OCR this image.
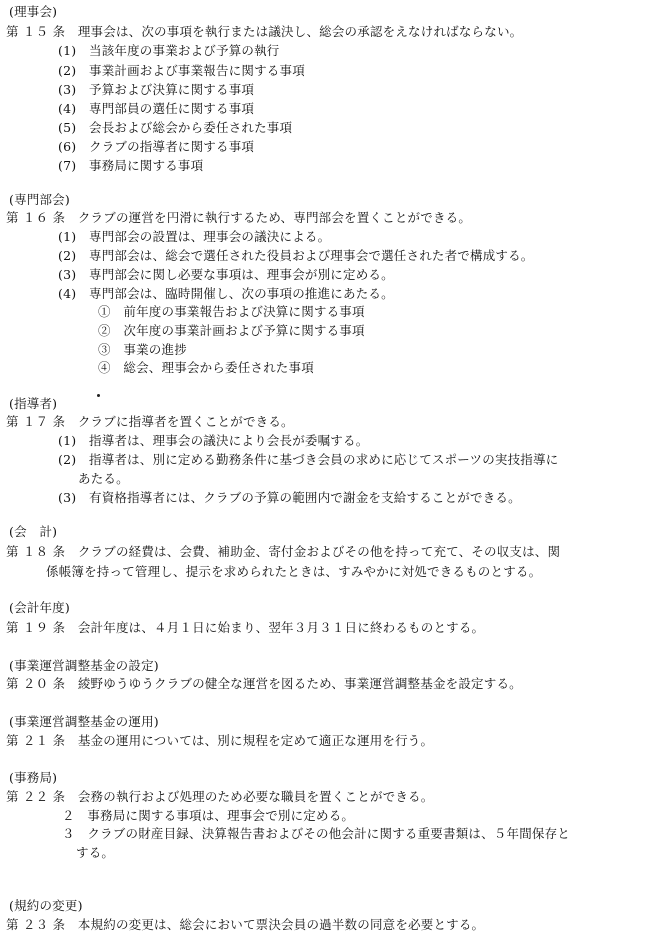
(理事会)
第 １５ 条　理事会は、次の事項を執行または議決し、総会の承認をえなければならない。
(1)　当該年度の事業および予算の執行
(2)　事業計画および事業報告に関する事項
(3)　予算および決算に関する事項
(4)　専門部員の選任に関する事項
(5)　会長および総会から委任された事項
(6)　クラブの指導者に関する事項
(7)　事務局に関する事項
(専門部会)
第 １６ 条　クラブの運営を円滑に執行するため、専門部会を置くことができる。
(1)　専門部会の設置は、理事会の議決による。
(2)　専門部会は、総会で選任された役員および理事会で選任された者で構成する。
(3)　専門部会に関し必要な事項は、理事会が別に定める。
(4)　専門部会は、臨時開催し、次の事項の推進にあたる。
①　前年度の事業報告および決算に関する事項
②　次年度の事業計画および予算に関する事項
③　事業の進捗
④　総会、理事会から委任された事項
(指導者)
第 １７ 条　クラブに指導者を置くことができる。
(1)　指導者は、理事会の議決により会長が委嘱する。
(2)　指導者は、別に定める勤務条件に基づき会員の求めに応じてスポーツの実技指導に
あたる。
(3)　有資格指導者には、クラブの予算の範囲内で謝金を支給することができる。
(会　計)
第 １８ 条　クラブの経費は、会費、補助金、寄付金およびその他を持って充て、その収支は、関
係帳簿を持って管理し、提示を求められたときは、すみやかに対処できるものとする。
(会計年度)
第 １９ 条　会計年度は、４月１日に始まり、翌年３月３１日に終わるものとする。
(事業運営調整基金の設定)
第 ２０ 条　綾野ゆうゆうクラブの健全な運営を図るため、事業運営調整基金を設定する。
(事業運営調整基金の運用)
第 ２１ 条　基金の運用については、別に規程を定めて適正な運用を行う。
(事務局)
第 ２２ 条　会務の執行および処理のため必要な職員を置くことができる。
２　事務局に関する事項は、理事会で別に定める。
３　クラブの財産目録、決算報告書およびその他会計に関する重要書類は、５年間保存と
する。
(規約の変更)
第 ２３ 条　本規約の変更は、総会において票決会員の過半数の同意を必要とする。
